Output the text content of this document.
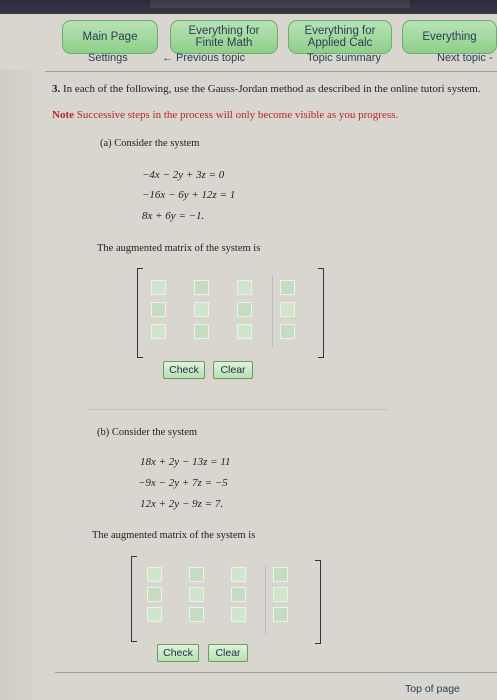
Main Page	Everything for Finite Math
Everything for Applied Calc	Everything
Settings	← Previous topic	Topic summary	Next topic -
3. In each of the following, use the Gauss-Jordan method as described in the online tutori system.
Note Successive steps in the process will only become visible as you progress.
(a) Consider the system
−4x − 2y + 3z = 0
−16x − 6y + 12z = 1
8x + 6y = −1.
The augmented matrix of the system is
Check	Clear
(b) Consider the system
18x + 2y − 13z = 11
−9x − 2y + 7z = −5
12x + 2y − 9z = 7.
The augmented matrix of the system is
Check	Clear
Top of page
